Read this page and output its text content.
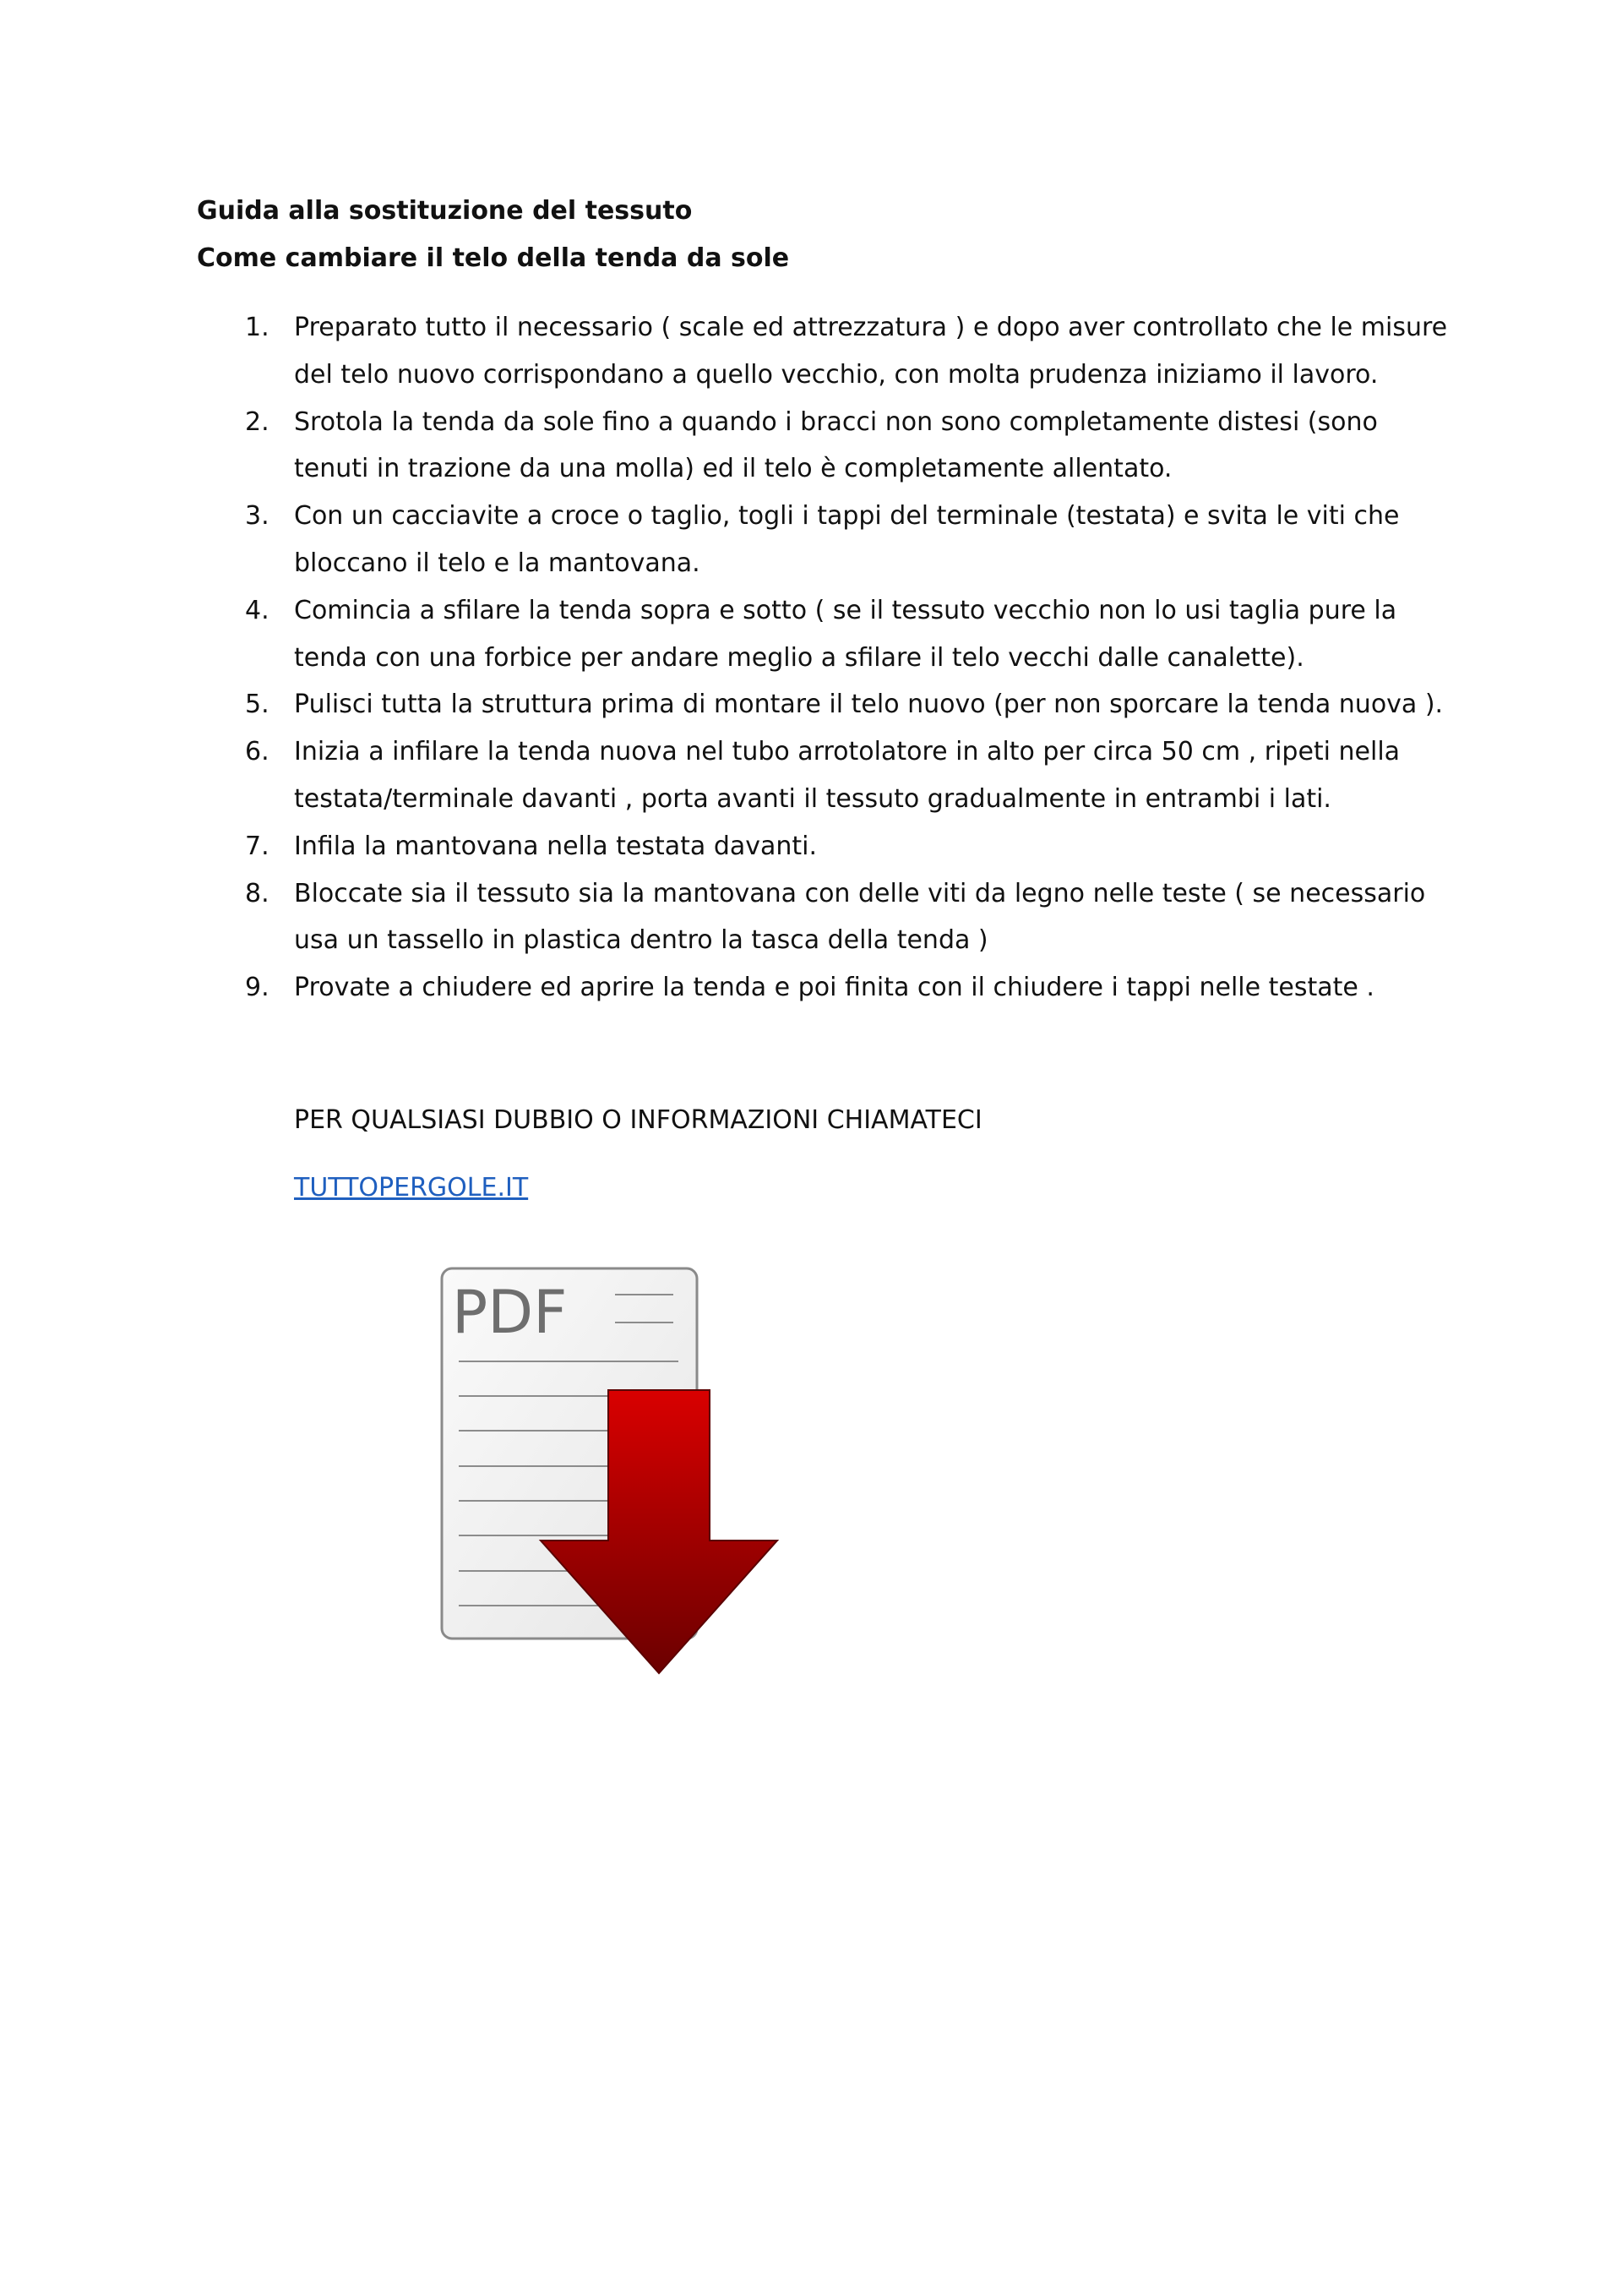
Guida alla sostituzione del tessuto
Come cambiare il telo della tenda da sole
1. Preparato tutto il necessario ( scale ed attrezzatura ) e dopo aver controllato che le misure
del telo nuovo corrispondano a quello vecchio, con molta prudenza iniziamo il lavoro.
2. Srotola la tenda da sole fino a quando i bracci non sono completamente distesi (sono
tenuti in trazione da una molla) ed il telo è completamente allentato.
3. Con un cacciavite a croce o taglio, togli i tappi del terminale (testata) e svita le viti che
bloccano il telo e la mantovana.
4. Comincia a sfilare la tenda sopra e sotto ( se il tessuto vecchio non lo usi taglia pure la
tenda con una forbice per andare meglio a sfilare il telo vecchi dalle canalette).
5. Pulisci tutta la struttura prima di montare il telo nuovo (per non sporcare la tenda nuova ).
6. Inizia a infilare la tenda nuova nel tubo arrotolatore in alto per circa 50 cm , ripeti nella
testata/terminale davanti , porta avanti il tessuto gradualmente in entrambi i lati.
7. Infila la mantovana nella testata davanti.
8. Bloccate sia il tessuto sia la mantovana con delle viti da legno nelle teste ( se necessario
usa un tassello in plastica dentro la tasca della tenda )
9. Provate a chiudere ed aprire la tenda e poi finita con il chiudere i tappi nelle testate .
PER QUALSIASI DUBBIO O INFORMAZIONI CHIAMATECI
TUTTOPERGOLE.IT
PDF
